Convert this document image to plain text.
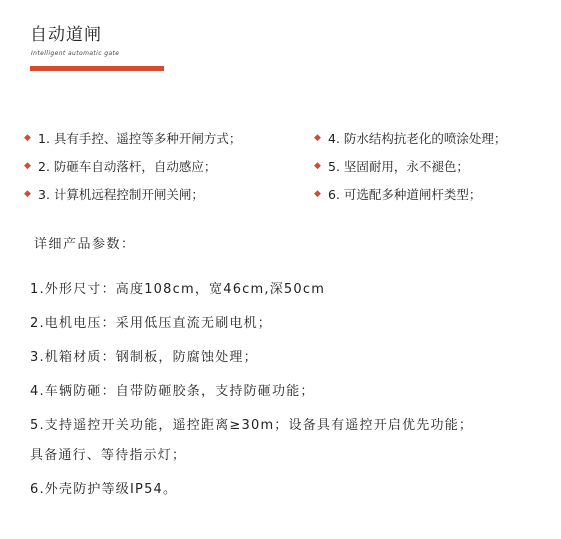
自动道闸
Intelligent automatic gate
◆ 1. 具有手控、遥控等多种开闸方式；	◆ 4. 防水结构抗老化的喷涂处理；
◆ 2. 防砸车自动落杆，自动感应；	◆ 5. 坚固耐用，永不褪色；
◆ 3. 计算机远程控制开闸关闸；	◆ 6. 可选配多种道闸杆类型；
详细产品参数：
1.外形尺寸：高度108cm，宽46cm,深50cm
2.电机电压：采用低压直流无刷电机；
3.机箱材质：钢制板，防腐蚀处理；
4.车辆防砸：自带防砸胶条，支持防砸功能；
5.支持遥控开关功能，遥控距离≥30m；设备具有遥控开启优先功能；
具备通行、等待指示灯；
6.外壳防护等级IP54。
